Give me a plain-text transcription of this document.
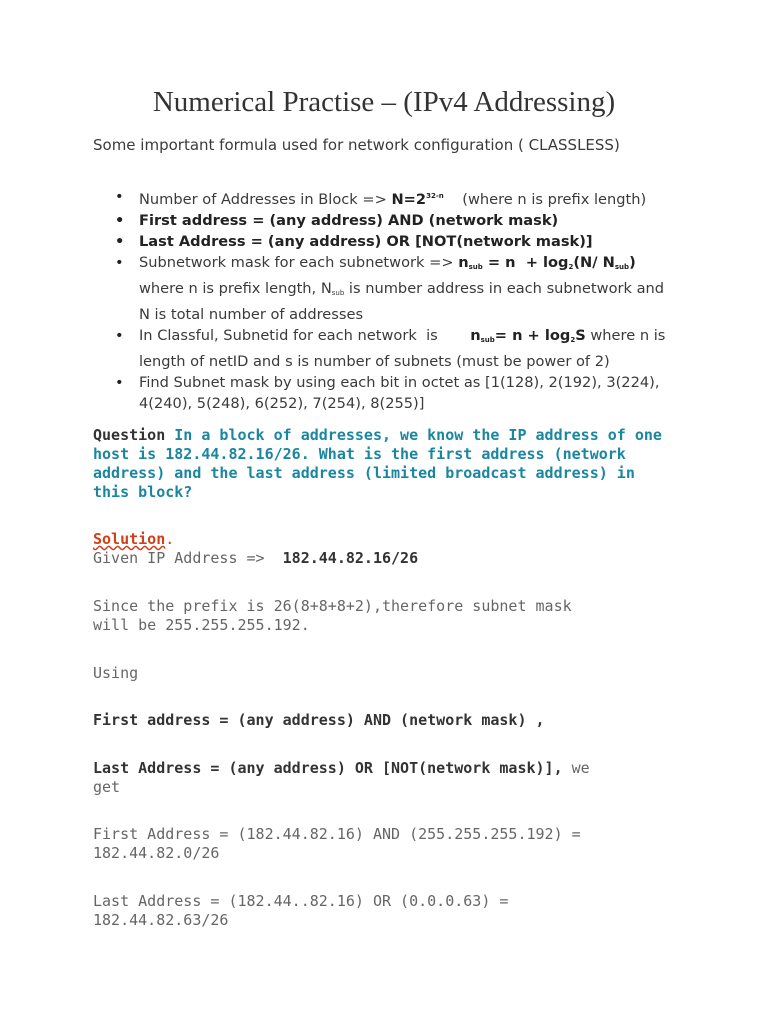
Numerical Practise – (IPv4 Addressing)
Some important formula used for network configuration ( CLASSLESS)
• Number of Addresses in Block => $N=2^{32-n}$    (where n is prefix length)
• First address = (any address) AND (network mask)
• Last Address = (any address) OR [NOT(network mask)]
• Subnetwork mask for each subnetwork => $n_{sub} = n + \log_2(N/$ $N_{sub}$) where n is prefix length, $N_{sub}$ is number address in each subnetwork and N is total number of addresses
• In Classful, Subnetid for each network  is       $n_{sub}= n + \log_2S$ where n is length of netID and s is number of subnets (must be power of 2)
• Find Subnet mask by using each bit in octet as [1(128), 2(192), 3(224), 4(240), 5(248), 6(252), 7(254), 8(255)]
Question In a block of addresses, we know the IP address of one host is 182.44.82.16/26. What is the first address (network address) and the last address (limited broadcast address) in this block?
Solution.
Given IP Address =>  182.44.82.16/26
Since the prefix is 26(8+8+8+2),therefore subnet mask
will be 255.255.255.192.
Using
First address = (any address) AND (network mask) ,
Last Address = (any address) OR [NOT(network mask)], we
get
First Address = (182.44.82.16) AND (255.255.255.192) =
182.44.82.0/26
Last Address = (182.44..82.16) OR (0.0.0.63) =
182.44.82.63/26
